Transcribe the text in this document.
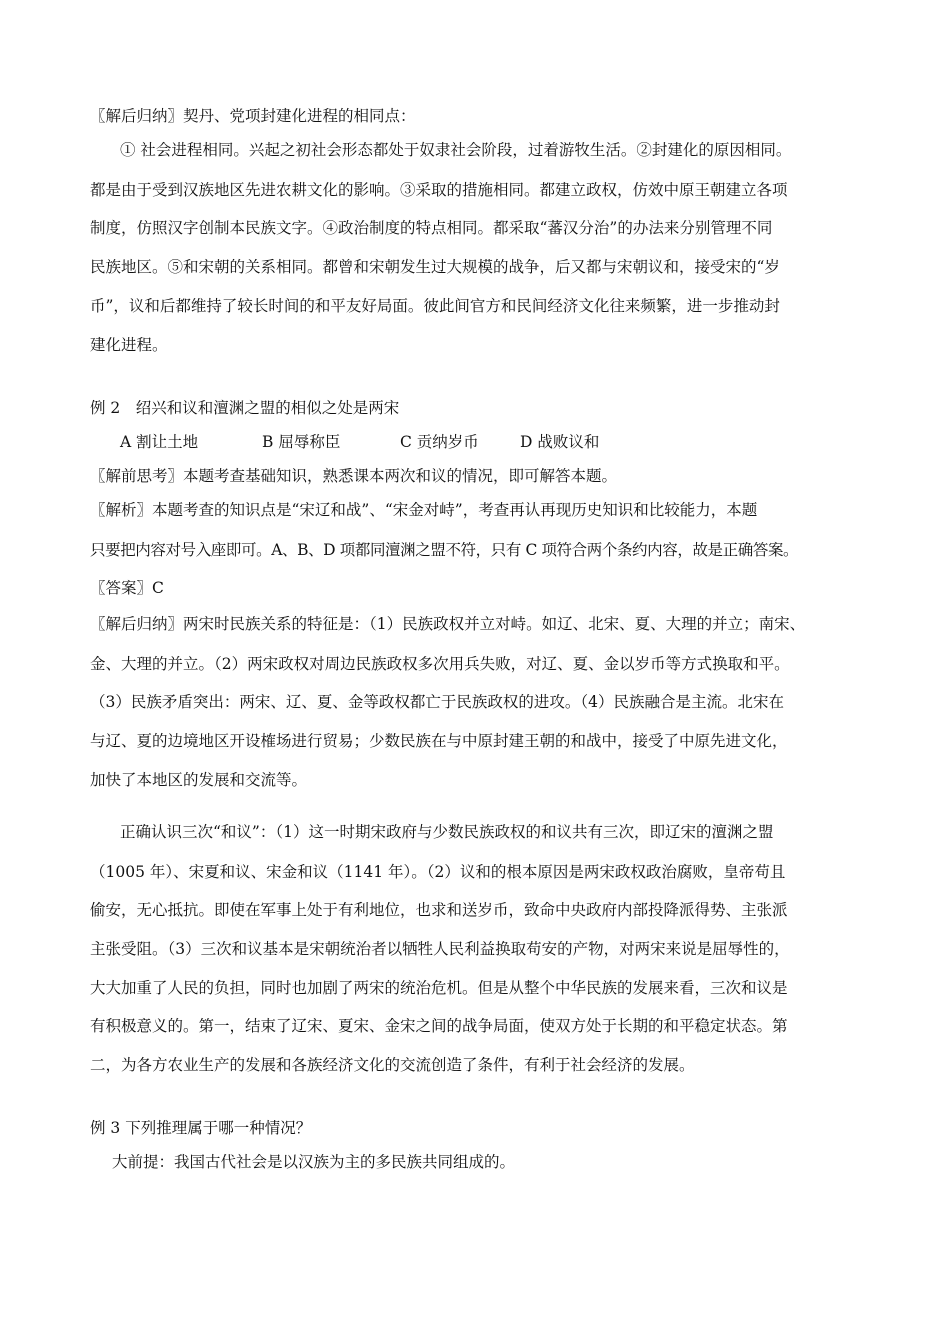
〖解后归纳〗契丹、党项封建化进程的相同点：
① 社会进程相同。兴起之初社会形态都处于奴隶社会阶段，过着游牧生活。②封建化的原因相同。
都是由于受到汉族地区先进农耕文化的影响。③采取的措施相同。都建立政权，仿效中原王朝建立各项
制度，仿照汉字创制本民族文字。④政治制度的特点相同。都采取“蕃汉分治”的办法来分别管理不同
民族地区。⑤和宋朝的关系相同。都曾和宋朝发生过大规模的战争，后又都与宋朝议和，接受宋的“岁
币”，议和后都维持了较长时间的和平友好局面。彼此间官方和民间经济文化往来频繁，进一步推动封
建化进程。
例 2　绍兴和议和澶渊之盟的相似之处是两宋
A 割让土地	B 屈辱称臣	C 贡纳岁币	D 战败议和
〖解前思考〗本题考查基础知识，熟悉课本两次和议的情况，即可解答本题。
〖解析〗本题考查的知识点是“宋辽和战”、“宋金对峙”，考查再认再现历史知识和比较能力，本题
只要把内容对号入座即可。A、B、D 项都同澶渊之盟不符，只有 C 项符合两个条约内容，故是正确答案。
〖答案〗C
〖解后归纳〗两宋时民族关系的特征是：（1）民族政权并立对峙。如辽、北宋、夏、大理的并立；南宋、
金、大理的并立。（2）两宋政权对周边民族政权多次用兵失败，对辽、夏、金以岁币等方式换取和平。
（3）民族矛盾突出：两宋、辽、夏、金等政权都亡于民族政权的进攻。（4）民族融合是主流。北宋在
与辽、夏的边境地区开设榷场进行贸易；少数民族在与中原封建王朝的和战中，接受了中原先进文化，
加快了本地区的发展和交流等。
正确认识三次“和议”：（1）这一时期宋政府与少数民族政权的和议共有三次，即辽宋的澶渊之盟
（1005 年）、宋夏和议、宋金和议（1141 年）。（2）议和的根本原因是两宋政权政治腐败，皇帝苟且
偷安，无心抵抗。即使在军事上处于有利地位，也求和送岁币，致命中央政府内部投降派得势、主张派
主张受阻。（3）三次和议基本是宋朝统治者以牺牲人民利益换取苟安的产物，对两宋来说是屈辱性的，
大大加重了人民的负担，同时也加剧了两宋的统治危机。但是从整个中华民族的发展来看，三次和议是
有积极意义的。第一，结束了辽宋、夏宋、金宋之间的战争局面，使双方处于长期的和平稳定状态。第
二，为各方农业生产的发展和各族经济文化的交流创造了条件，有利于社会经济的发展。
例 3 下列推理属于哪一种情况？
大前提：我国古代社会是以汉族为主的多民族共同组成的。
